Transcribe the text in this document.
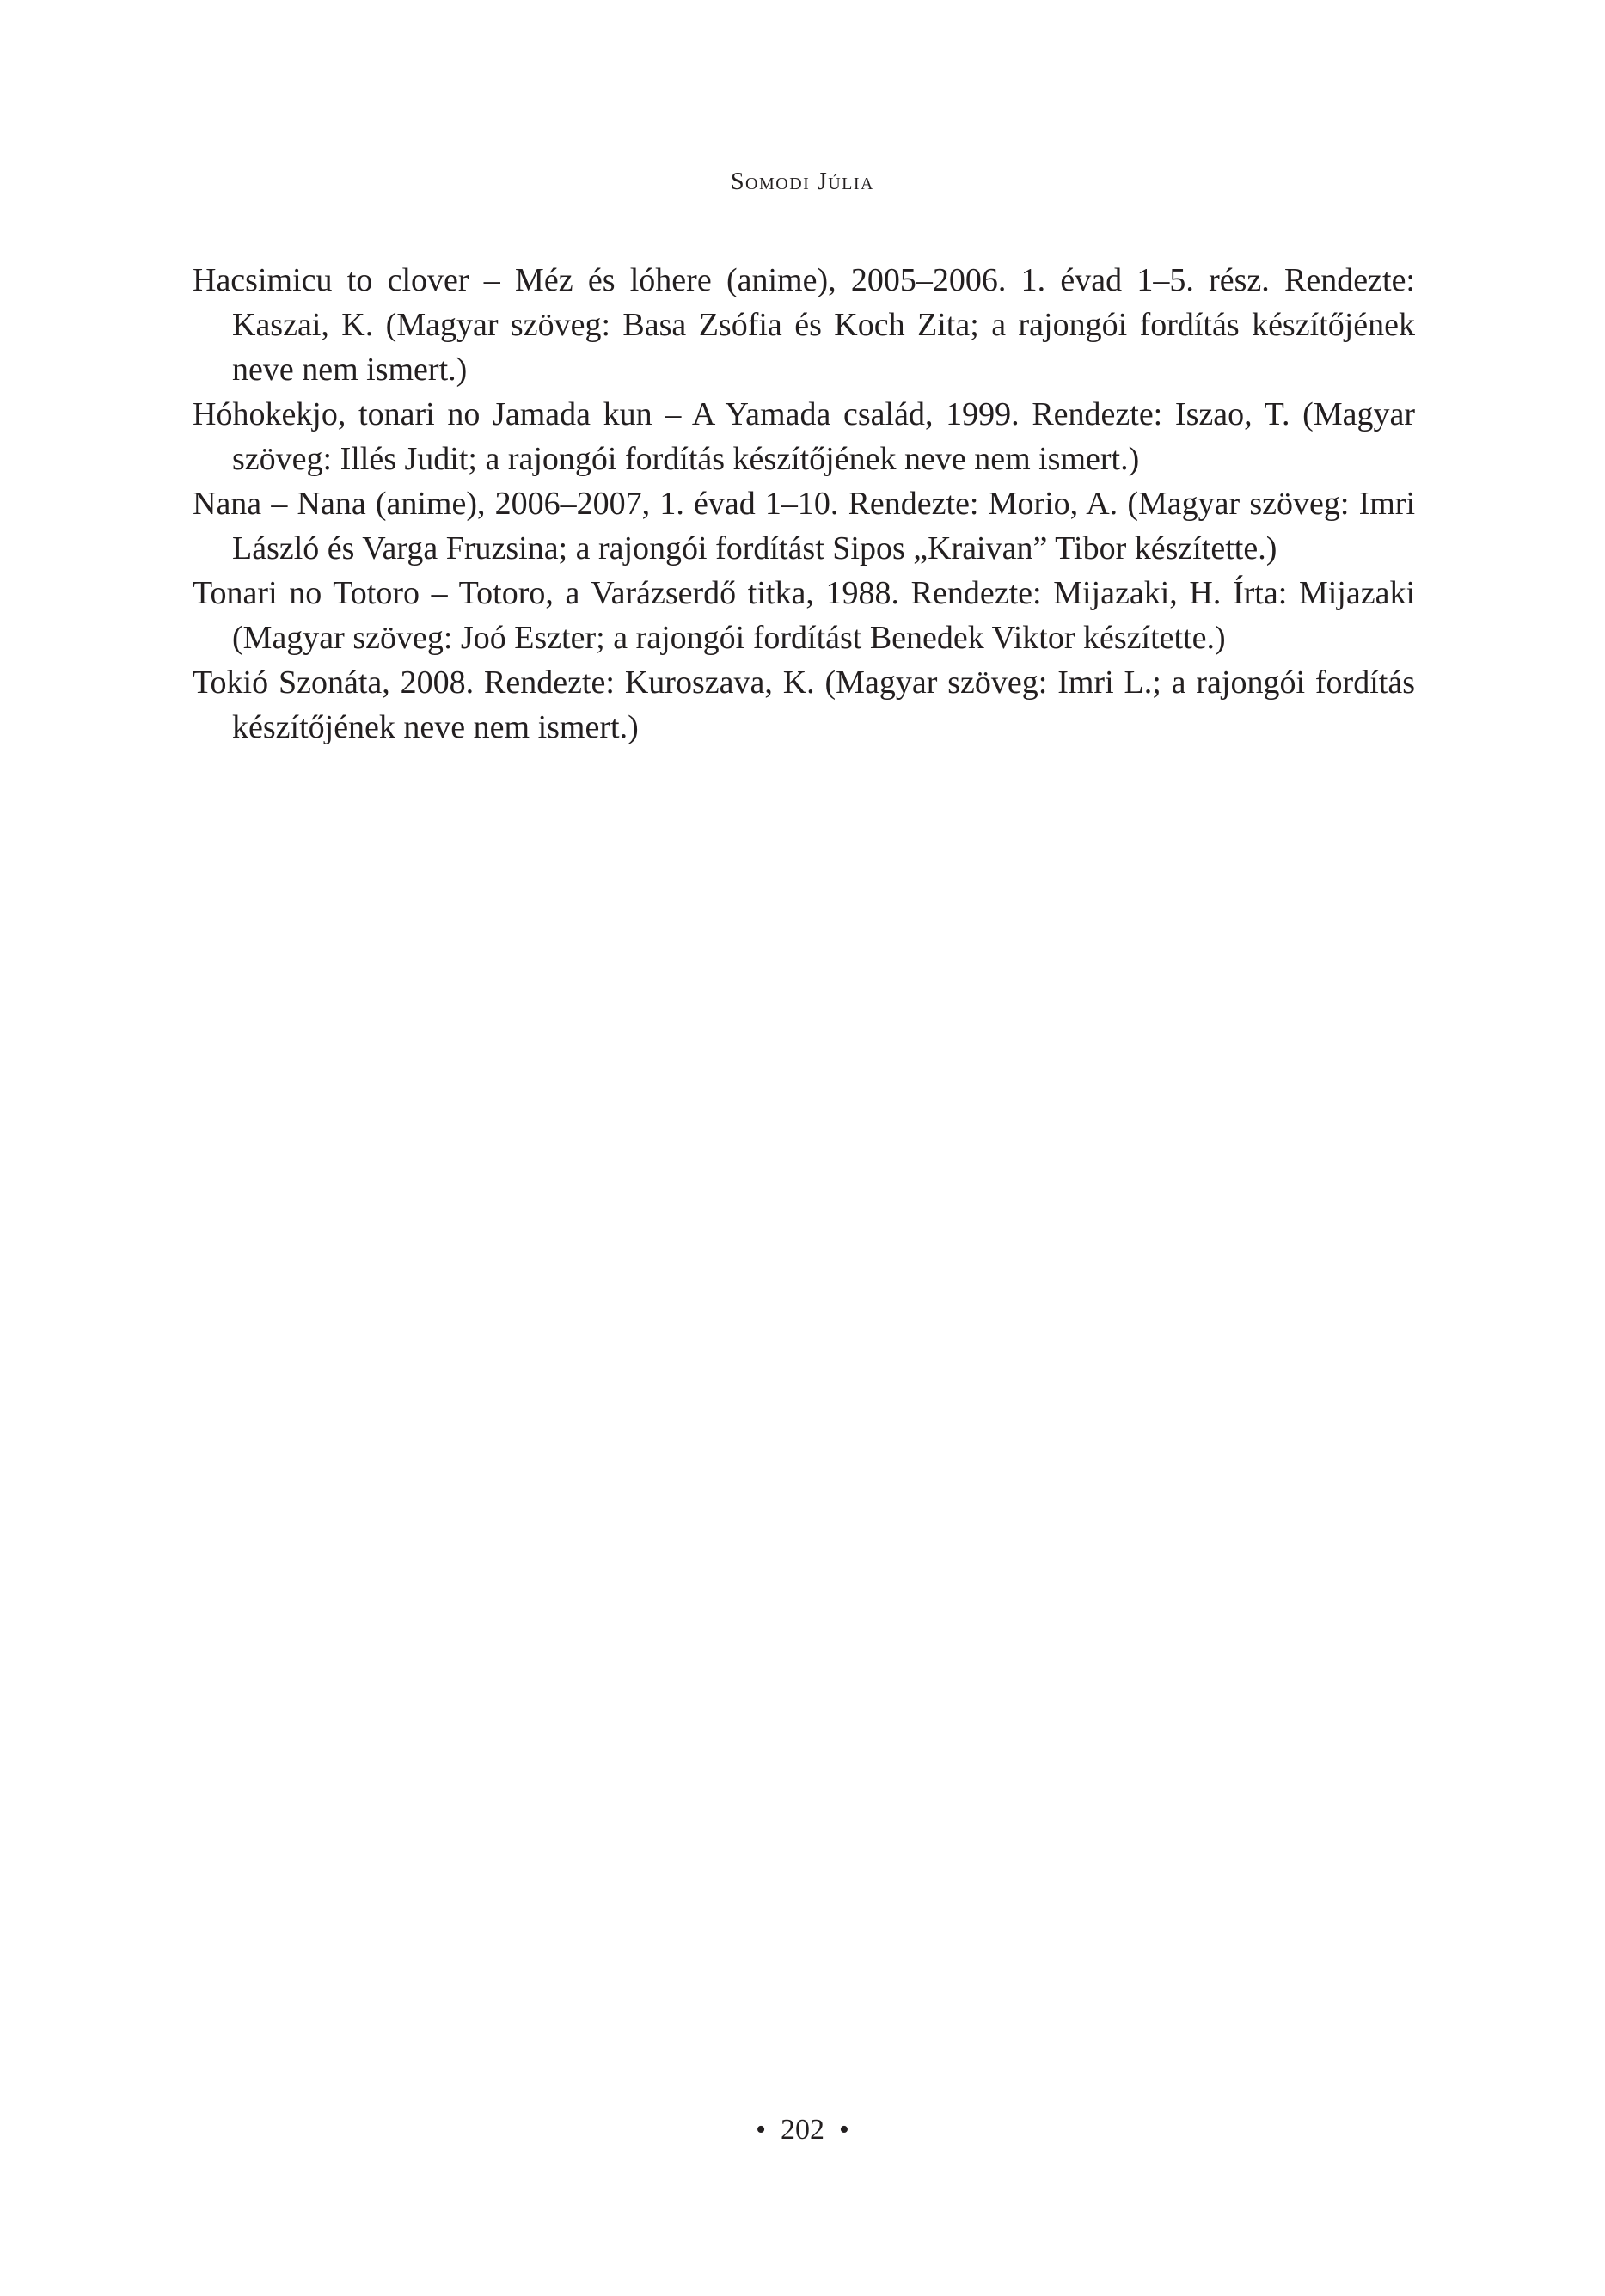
Somodi Júlia
Hacsimicu to clover – Méz és lóhere (anime), 2005–2006. 1. évad 1–5. rész. Rendezte: Kaszai, K. (Magyar szöveg: Basa Zsófia és Koch Zita; a rajongói fordítás készítőjének neve nem ismert.)
Hóhokekjo, tonari no Jamada kun – A Yamada család, 1999. Rendezte: Iszao, T. (Magyar szöveg: Illés Judit; a rajongói fordítás készítőjének neve nem ismert.)
Nana – Nana (anime), 2006–2007, 1. évad 1–10. Rendezte: Morio, A. (Magyar szöveg: Imri László és Varga Fruzsina; a rajongói fordítást Sipos „Kraivan” Tibor készítette.)
Tonari no Totoro – Totoro, a Varázserdő titka, 1988. Rendezte: Mijazaki, H. Írta: Mijazaki (Magyar szöveg: Joó Eszter; a rajongói fordítást Benedek Viktor készítette.)
Tokió Szonáta, 2008. Rendezte: Kuroszava, K. (Magyar szöveg: Imri L.; a rajongói fordítás készítőjének neve nem ismert.)
•  202  •
